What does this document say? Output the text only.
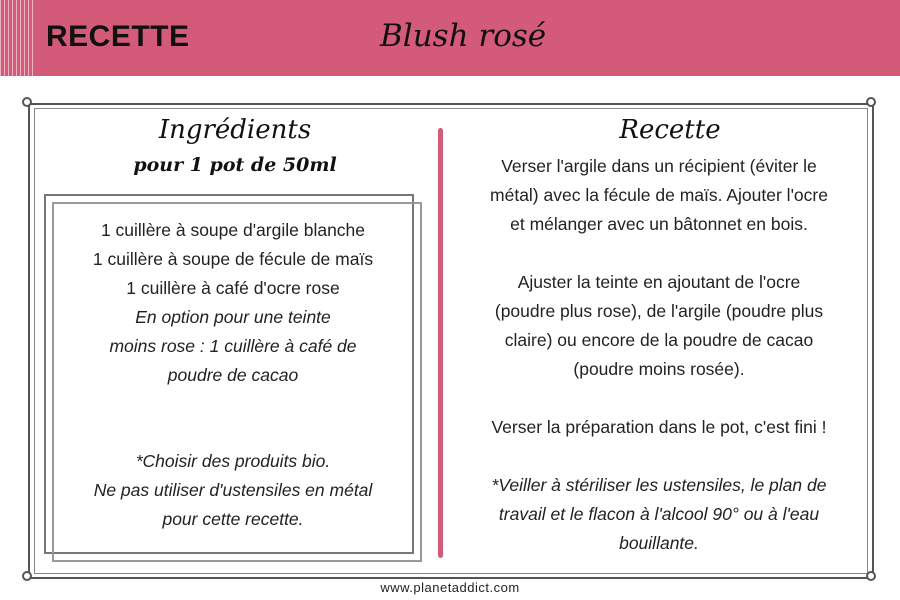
RECETTE	Blush rosé
Ingrédients
pour 1 pot de 50ml
1 cuillère à soupe d'argile blanche
1 cuillère à soupe de fécule de maïs
1 cuillère à café d'ocre rose
En option pour une teinte
moins rose : 1 cuillère à café de
poudre de cacao
*Choisir des produits bio.
Ne pas utiliser d'ustensiles en métal
pour cette recette.
Recette

Verser l'argile dans un récipient (éviter le

métal) avec la fécule de maïs. Ajouter l'ocre

et mélanger avec un bâtonnet en bois.

Ajuster la teinte en ajoutant de l'ocre

(poudre plus rose), de l'argile (poudre plus

claire) ou encore de la poudre de cacao

(poudre moins rosée).

Verser la préparation dans le pot, c'est fini !

*Veiller à stériliser les ustensiles, le plan de

travail et le flacon à l'alcool 90° ou à l'eau

bouillante.

www.planetaddict.com
